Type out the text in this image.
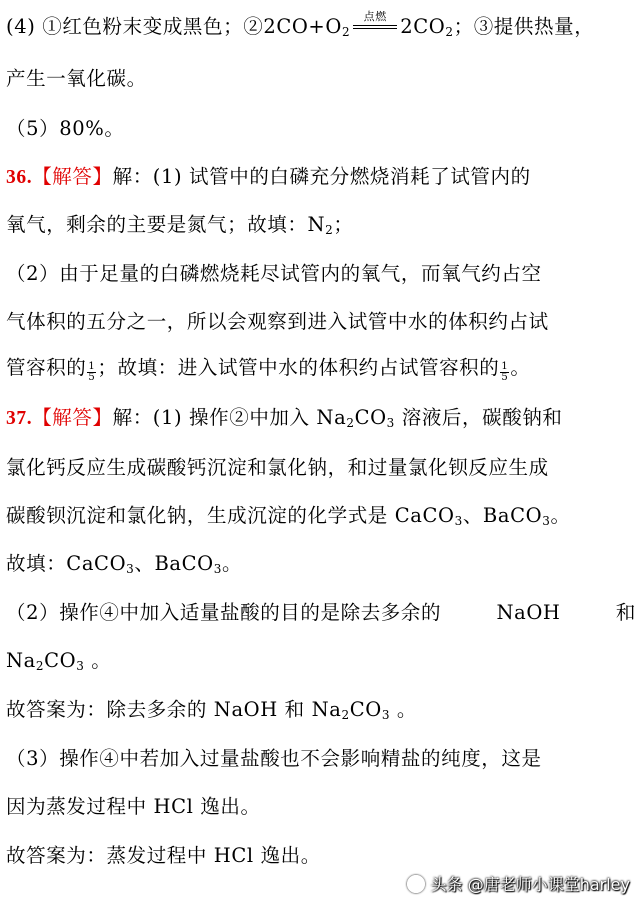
(4) ①红色粉末变成黑色；$②2CO+O_2$
点燃 $2CO_2$；③提供热量，
产生一氧化碳。
（5）80%。
36.【解答】解：(1) 试管中的白磷充分燃烧消耗了试管内的
氧气，剩余的主要是氮气；故填：$N_2$；
（2）由于足量的白磷燃烧耗尽试管内的氧气，而氧气约占空
气体积的五分之一，所以会观察到进入试管中水的体积约占试
管容积的 $\frac{1}{5}$ ；故填：进入试管中水的体积约占试管容积的 $\frac{1}{5}$ 。
37.【解答】解：(1) 操作②中加入 $Na_2CO_3$ 溶液后，碳酸钠和
氯化钙反应生成碳酸钙沉淀和氯化钠，和过量氯化钡反应生成
碳酸钡沉淀和氯化钠，生成沉淀的化学式是 CaCO$_3$、BaCO$_3$。
故填：CaCO$_3$、BaCO$_3$。
（2）操作④中加入适量盐酸的目的是除去多余的	NaOH	和
$Na_2CO_3$ 。
故答案为：除去多余的 NaOH 和 $Na_2CO_3$ 。
（3）操作④中若加入过量盐酸也不会影响精盐的纯度，这是
因为蒸发过程中 HCl 逸出。
故答案为：蒸发过程中 HCl 逸出。
头条 @唐老师小课堂harley
